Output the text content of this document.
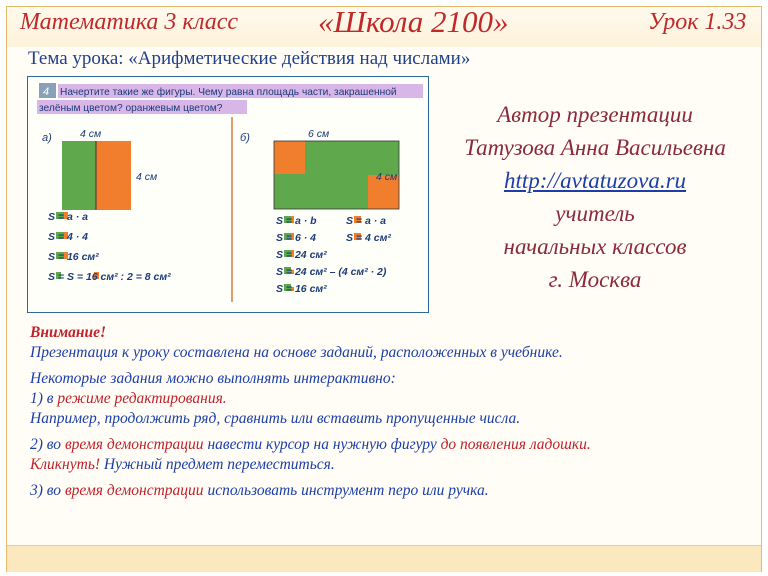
Математика 3 класс	«Школа 2100»	Урок 1.33
Тема урока: «Арифметические действия над числами»
4 Начертите такие же фигуры. Чему равна площадь части, закрашенной
зелёным цветом? оранжевым цветом?
а)	4 см
4 см
S = а · а
S = 4 · 4
S = 16 см²
S = S = 16 см² : 2 = 8 см²
б)	6 см
4 см
S = а · b
S = 6 · 4
S = 24 см²
S = 24 см² – (4 см² · 2)
S = 16 см²
S = а · а
S = 4 см²
Автор презентации
Татузова Анна Васильевна
http://avtatuzova.ru
учитель
начальных классов
г. Москва

Внимание!
Презентация к уроку составлена на основе заданий, расположенных в учебнике.

Некоторые задания можно выполнять интерактивно:
1) в режиме редактирования.
Например, продолжить ряд, сравнить или вставить пропущенные числа.

2) во время демонстрации навести курсор на нужную фигуру до появления ладошки.
Кликнуть! Нужный предмет переместиться.

3) во время демонстрации использовать инструмент перо или ручка.
